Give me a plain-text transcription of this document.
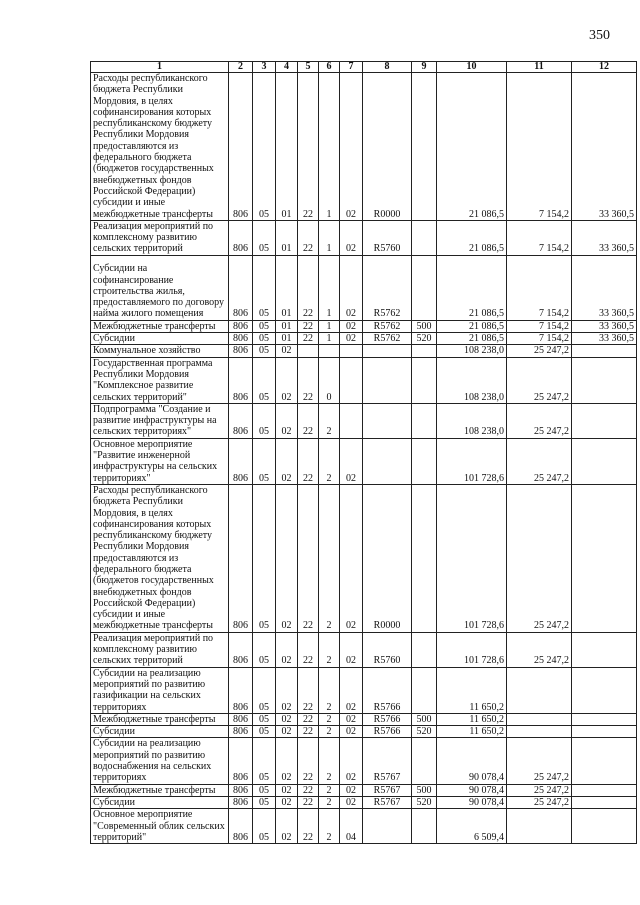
350
1	2	3	4	5	6	7	8	9	10	11	12
Расходы республиканского бюджета Республики Мордовия, в целях софинансирования которых республиканскому бюджету Республики Мордовия предоставляются из федерального бюджета (бюджетов государственных внебюджетных фондов Российской Федерации) субсидии и иные межбюджетные трансферты	806	05	01	22	1	02	R0000		21 086,5	7 154,2	33 360,5
Реализация мероприятий по комплексному развитию сельских территорий	806	05	01	22	1	02	R5760		21 086,5	7 154,2	33 360,5
Субсидии на софинансирование строительства жилья, предоставляемого по договору найма жилого помещения	806	05	01	22	1	02	R5762		21 086,5	7 154,2	33 360,5
Межбюджетные трансферты	806	05	01	22	1	02	R5762	500	21 086,5	7 154,2	33 360,5
Субсидии	806	05	01	22	1	02	R5762	520	21 086,5	7 154,2	33 360,5
Коммунальное хозяйство	806	05	02						108 238,0	25 247,2	
Государственная программа Республики Мордовия "Комплексное развитие сельских территорий"	806	05	02	22	0				108 238,0	25 247,2	
Подпрограмма "Создание и развитие инфраструктуры на сельских территориях"	806	05	02	22	2				108 238,0	25 247,2	
Основное мероприятие "Развитие инженерной инфраструктуры на сельских территориях"	806	05	02	22	2	02			101 728,6	25 247,2	
Расходы республиканского бюджета Республики Мордовия, в целях софинансирования которых республиканскому бюджету Республики Мордовия предоставляются из федерального бюджета (бюджетов государственных внебюджетных фондов Российской Федерации) субсидии и иные межбюджетные трансферты	806	05	02	22	2	02	R0000		101 728,6	25 247,2	
Реализация мероприятий по комплексному развитию сельских территорий	806	05	02	22	2	02	R5760		101 728,6	25 247,2	
Субсидии на реализацию мероприятий по развитию газификации на сельских территориях	806	05	02	22	2	02	R5766		11 650,2		
Межбюджетные трансферты	806	05	02	22	2	02	R5766	500	11 650,2		
Субсидии	806	05	02	22	2	02	R5766	520	11 650,2		
Субсидии на реализацию мероприятий по развитию водоснабжения на сельских территориях	806	05	02	22	2	02	R5767		90 078,4	25 247,2	
Межбюджетные трансферты	806	05	02	22	2	02	R5767	500	90 078,4	25 247,2	
Субсидии	806	05	02	22	2	02	R5767	520	90 078,4	25 247,2	
Основное мероприятие "Современный облик сельских территорий"	806	05	02	22	2	04			6 509,4		
